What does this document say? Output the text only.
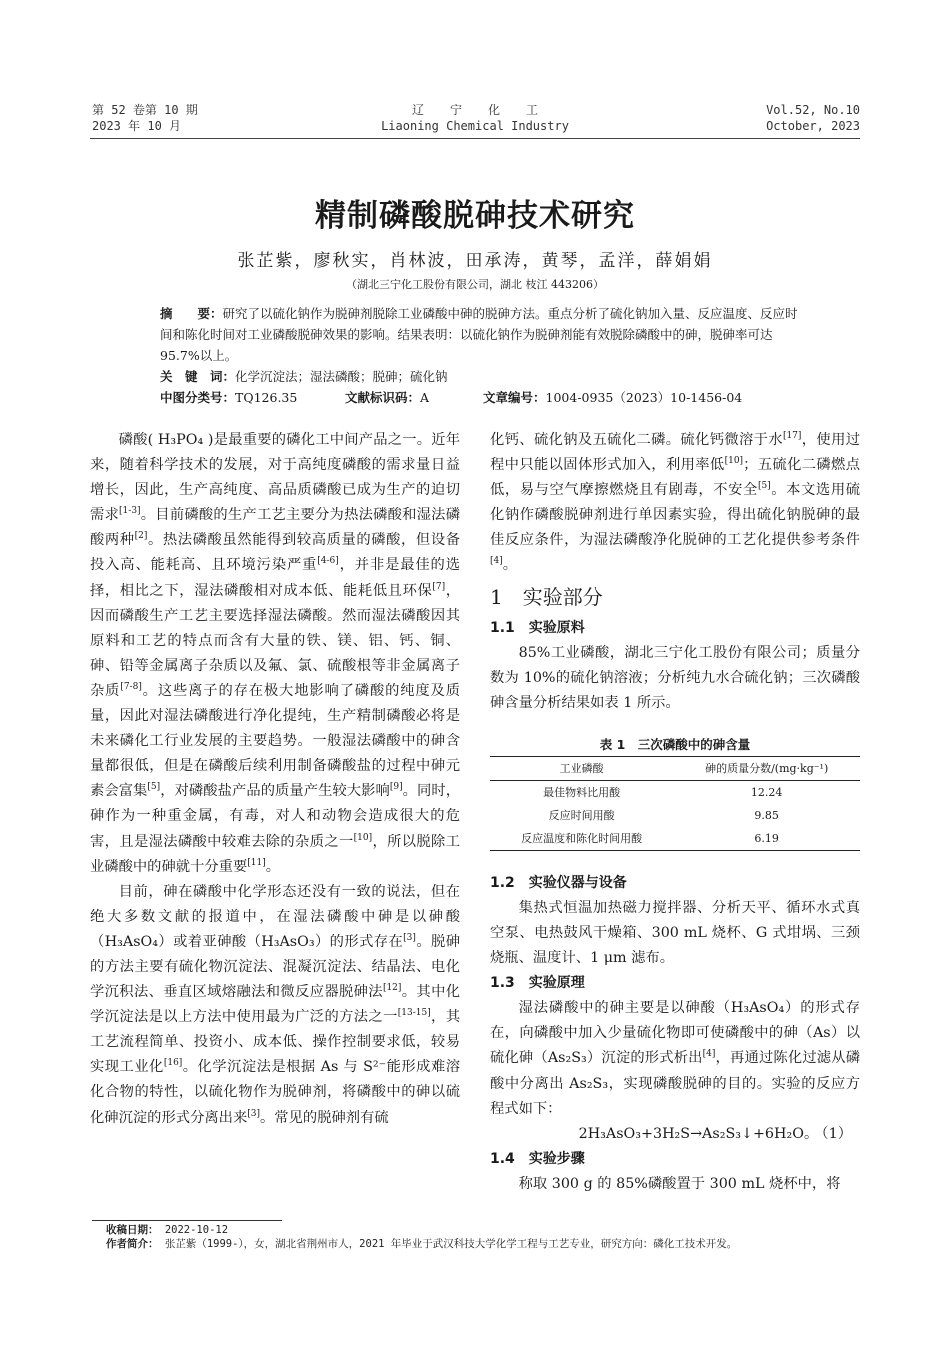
第 52 卷第 10 期
2023 年 10 月
辽宁化工
Liaoning Chemical Industry
Vol.52, No.10
October, 2023
精制磷酸脱砷技术研究
张芷紫，廖秋实，肖林波，田承涛，黄琴，孟洋，薛娟娟
（湖北三宁化工股份有限公司，湖北 枝江 443206）
摘　　要：研究了以硫化钠作为脱砷剂脱除工业磷酸中砷的脱砷方法。重点分析了硫化钠加入量、反应温度、反应时间和陈化时间对工业磷酸脱砷效果的影响。结果表明：以硫化钠作为脱砷剂能有效脱除磷酸中的砷，脱砷率可达 95.7%以上。
关　键　词：化学沉淀法；湿法磷酸；脱砷；硫化钠
中图分类号：TQ126.35	文献标识码：A	文章编号：1004-0935（2023）10-1456-04

磷酸( H₃PO₄ )是最重要的磷化工中间产品之一。近年来，随着科学技术的发展，对于高纯度磷酸的需求量日益增长，因此，生产高纯度、高品质磷酸已成为生产的迫切需求[1-3]。目前磷酸的生产工艺主要分为热法磷酸和湿法磷酸两种[2]。热法磷酸虽然能得到较高质量的磷酸，但设备投入高、能耗高、且环境污染严重[4-6]，并非是最佳的选择，相比之下，湿法磷酸相对成本低、能耗低且环保[7]，因而磷酸生产工艺主要选择湿法磷酸。然而湿法磷酸因其原料和工艺的特点而含有大量的铁、镁、铝、钙、铜、砷、铅等金属离子杂质以及氟、氯、硫酸根等非金属离子杂质[7-8]。这些离子的存在极大地影响了磷酸的纯度及质量，因此对湿法磷酸进行净化提纯，生产精制磷酸必将是未来磷化工行业发展的主要趋势。一般湿法磷酸中的砷含量都很低，但是在磷酸后续利用制备磷酸盐的过程中砷元素会富集[5]，对磷酸盐产品的质量产生较大影响[9]。同时，砷作为一种重金属，有毒，对人和动物会造成很大的危害，且是湿法磷酸中较难去除的杂质之一[10]，所以脱除工业磷酸中的砷就十分重要[11]。

目前，砷在磷酸中化学形态还没有一致的说法，但在绝大多数文献的报道中，在湿法磷酸中砷是以砷酸（H₃AsO₄）或着亚砷酸（H₃AsO₃）的形式存在[3]。脱砷的方法主要有硫化物沉淀法、混凝沉淀法、结晶法、电化学沉积法、垂直区域熔融法和微反应器脱砷法[12]。其中化学沉淀法是以上方法中使用最为广泛的方法之一[13-15]，其工艺流程简单、投资小、成本低、操作控制要求低，较易实现工业化[16]。化学沉淀法是根据 As 与 S²⁻能形成难溶化合物的特性，以硫化物作为脱砷剂，将磷酸中的砷以硫化砷沉淀的形式分离出来[3]。常见的脱砷剂有硫

化钙、硫化钠及五硫化二磷。硫化钙微溶于水[17]，使用过程中只能以固体形式加入，利用率低[10]；五硫化二磷燃点低，易与空气摩擦燃烧且有剧毒，不安全[5]。本文选用硫化钠作磷酸脱砷剂进行单因素实验，得出硫化钠脱砷的最佳反应条件，为湿法磷酸净化脱砷的工艺化提供参考条件[4]。

1　实验部分
1.1　实验原料

85%工业磷酸，湖北三宁化工股份有限公司；质量分数为 10%的硫化钠溶液；分析纯九水合硫化钠；三次磷酸砷含量分析结果如表 1 所示。

表 1　三次磷酸中的砷含量
工业磷酸	砷的质量分数/(mg·kg⁻¹)
最佳物料比用酸	12.24
反应时间用酸	9.85
反应温度和陈化时间用酸	6.19
1.2　实验仪器与设备

集热式恒温加热磁力搅拌器、分析天平、循环水式真空泵、电热鼓风干燥箱、300 mL 烧杯、G 式坩埚、三颈烧瓶、温度计、1 μm 滤布。

1.3　实验原理

湿法磷酸中的砷主要是以砷酸（H₃AsO₄）的形式存在，向磷酸中加入少量硫化物即可使磷酸中的砷（As）以硫化砷（As₂S₃）沉淀的形式析出[4]，再通过陈化过滤从磷酸中分离出 As₂S₃，实现磷酸脱砷的目的。实验的反应方程式如下：

2H₃AsO₃+3H₂S→As₂S₃↓+6H₂O。
（1）

1.4　实验步骤

称取 300 g 的 85%磷酸置于 300 mL 烧杯中，将

收稿日期： 2022-10-12
作者简介： 张芷紫（1999-），女，湖北省荆州市人，2021 年毕业于武汉科技大学化学工程与工艺专业，研究方向：磷化工技术开发。
